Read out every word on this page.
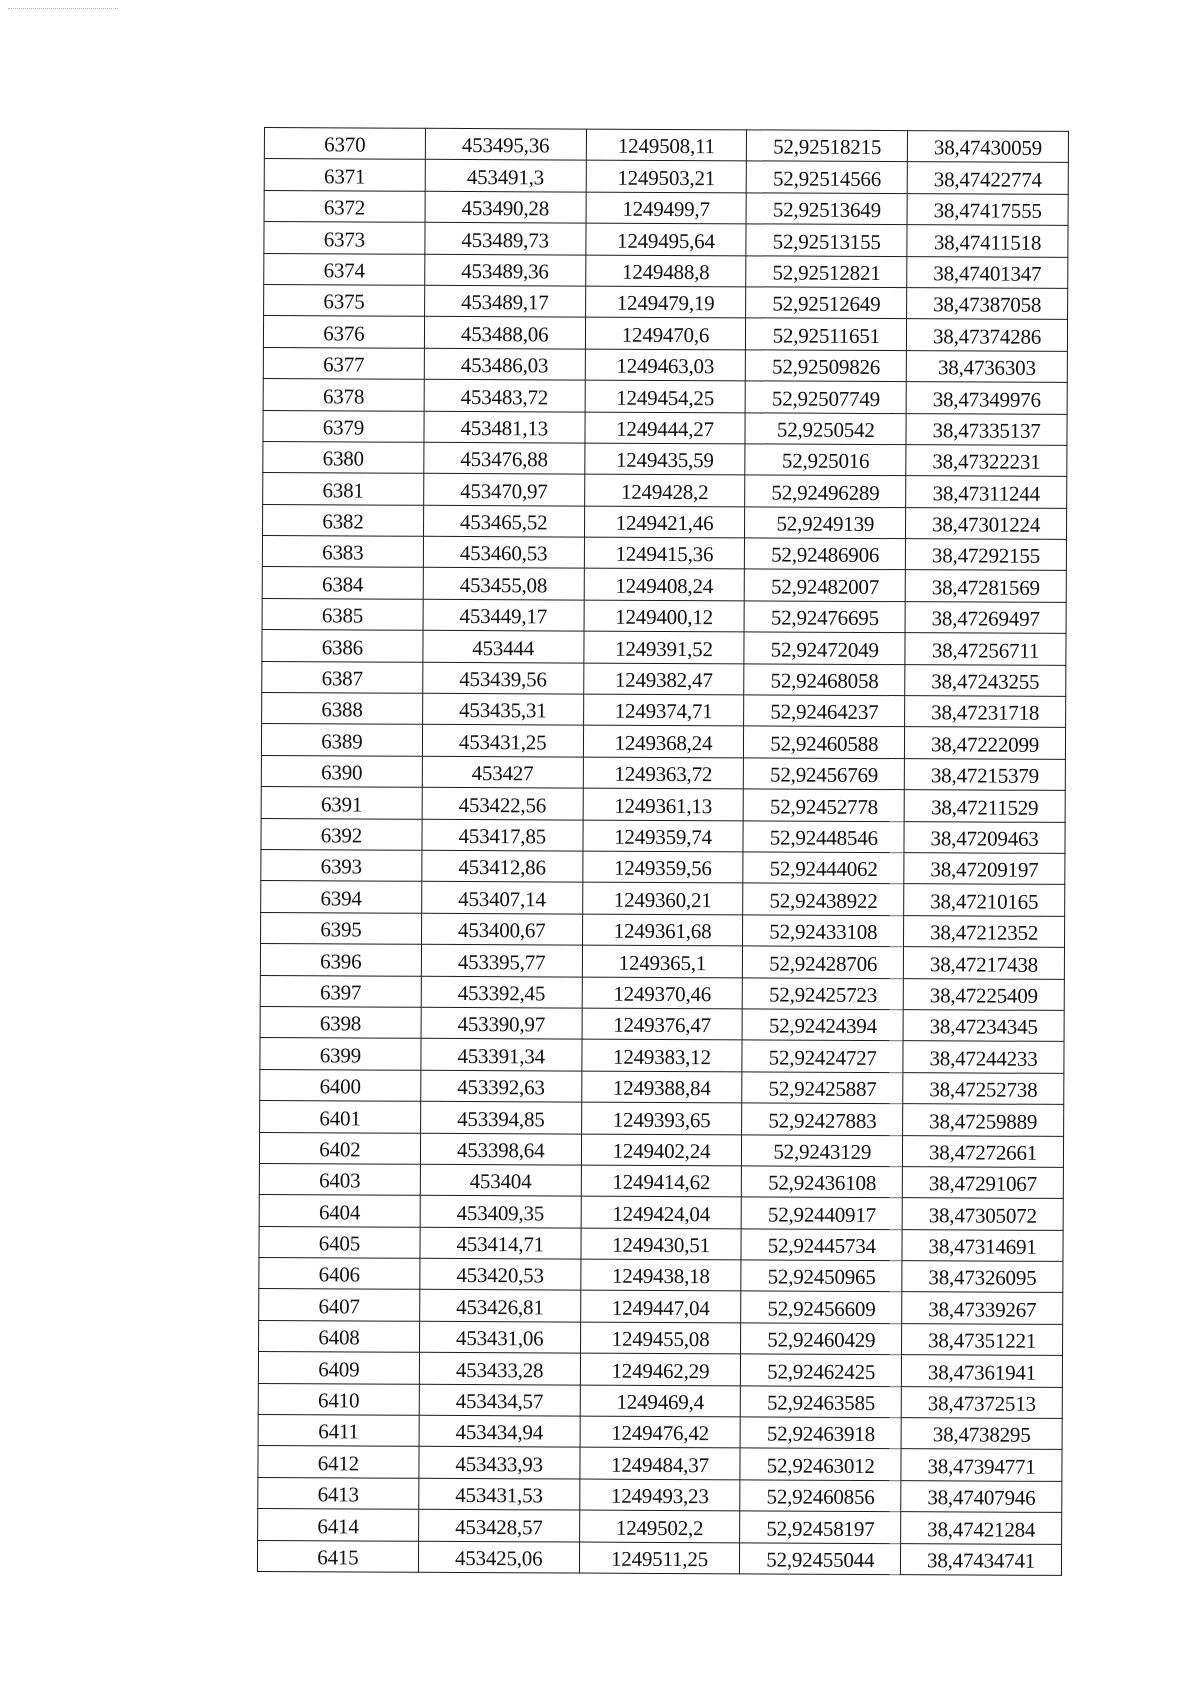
6370	453495,36	1249508,11	52,92518215	38,47430059
6371	453491,3	1249503,21	52,92514566	38,47422774
6372	453490,28	1249499,7	52,92513649	38,47417555
6373	453489,73	1249495,64	52,92513155	38,47411518
6374	453489,36	1249488,8	52,92512821	38,47401347
6375	453489,17	1249479,19	52,92512649	38,47387058
6376	453488,06	1249470,6	52,92511651	38,47374286
6377	453486,03	1249463,03	52,92509826	38,4736303
6378	453483,72	1249454,25	52,92507749	38,47349976
6379	453481,13	1249444,27	52,9250542	38,47335137
6380	453476,88	1249435,59	52,925016	38,47322231
6381	453470,97	1249428,2	52,92496289	38,47311244
6382	453465,52	1249421,46	52,9249139	38,47301224
6383	453460,53	1249415,36	52,92486906	38,47292155
6384	453455,08	1249408,24	52,92482007	38,47281569
6385	453449,17	1249400,12	52,92476695	38,47269497
6386	453444	1249391,52	52,92472049	38,47256711
6387	453439,56	1249382,47	52,92468058	38,47243255
6388	453435,31	1249374,71	52,92464237	38,47231718
6389	453431,25	1249368,24	52,92460588	38,47222099
6390	453427	1249363,72	52,92456769	38,47215379
6391	453422,56	1249361,13	52,92452778	38,47211529
6392	453417,85	1249359,74	52,92448546	38,47209463
6393	453412,86	1249359,56	52,92444062	38,47209197
6394	453407,14	1249360,21	52,92438922	38,47210165
6395	453400,67	1249361,68	52,92433108	38,47212352
6396	453395,77	1249365,1	52,92428706	38,47217438
6397	453392,45	1249370,46	52,92425723	38,47225409
6398	453390,97	1249376,47	52,92424394	38,47234345
6399	453391,34	1249383,12	52,92424727	38,47244233
6400	453392,63	1249388,84	52,92425887	38,47252738
6401	453394,85	1249393,65	52,92427883	38,47259889
6402	453398,64	1249402,24	52,9243129	38,47272661
6403	453404	1249414,62	52,92436108	38,47291067
6404	453409,35	1249424,04	52,92440917	38,47305072
6405	453414,71	1249430,51	52,92445734	38,47314691
6406	453420,53	1249438,18	52,92450965	38,47326095
6407	453426,81	1249447,04	52,92456609	38,47339267
6408	453431,06	1249455,08	52,92460429	38,47351221
6409	453433,28	1249462,29	52,92462425	38,47361941
6410	453434,57	1249469,4	52,92463585	38,47372513
6411	453434,94	1249476,42	52,92463918	38,4738295
6412	453433,93	1249484,37	52,92463012	38,47394771
6413	453431,53	1249493,23	52,92460856	38,47407946
6414	453428,57	1249502,2	52,92458197	38,47421284
6415	453425,06	1249511,25	52,92455044	38,47434741
